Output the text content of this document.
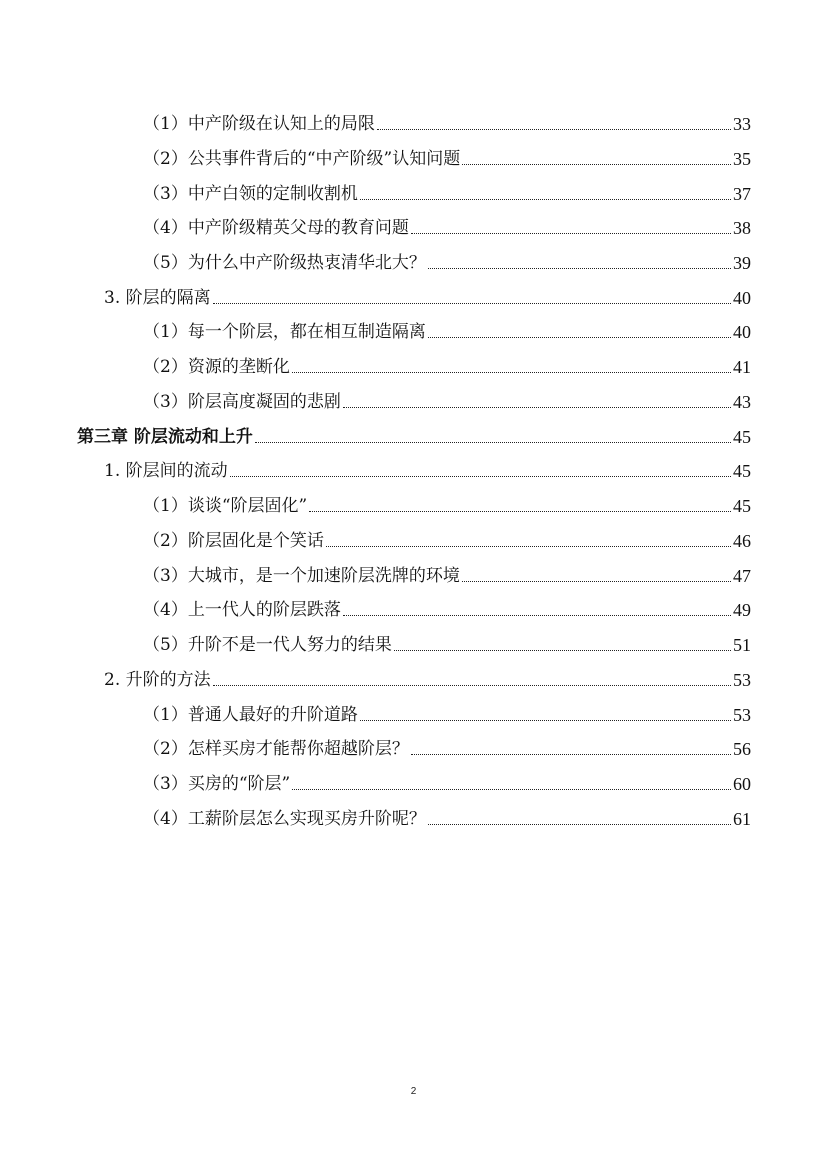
（1）中产阶级在认知上的局限	33
（2）公共事件背后的“中产阶级”认知问题	35
（3）中产白领的定制收割机	37
（4）中产阶级精英父母的教育问题	38
（5）为什么中产阶级热衷清华北大？	39
3. 阶层的隔离	40
（1）每一个阶层，都在相互制造隔离	40
（2）资源的垄断化	41
（3）阶层高度凝固的悲剧	43
第三章 阶层流动和上升	45
1. 阶层间的流动	45
（1）谈谈“阶层固化”	45
（2）阶层固化是个笑话	46
（3）大城市，是一个加速阶层洗牌的环境	47
（4）上一代人的阶层跌落	49
（5）升阶不是一代人努力的结果	51
2. 升阶的方法	53
（1）普通人最好的升阶道路	53
（2）怎样买房才能帮你超越阶层？	56
（3）买房的“阶层”	60
（4）工薪阶层怎么实现买房升阶呢？	61
2
